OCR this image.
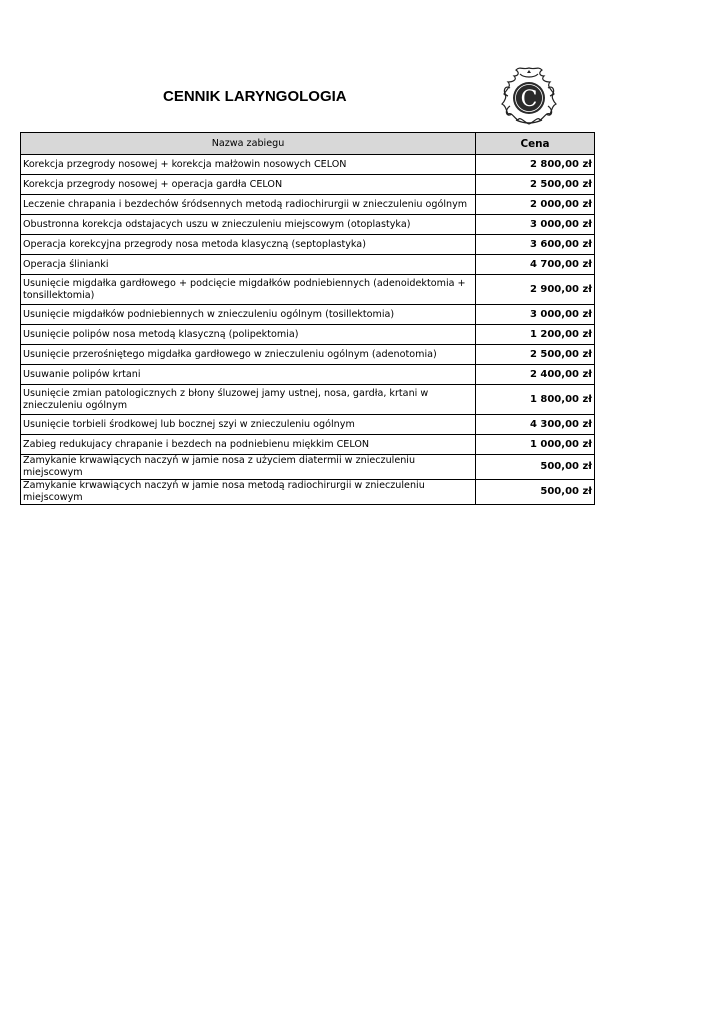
CENNIK LARYNGOLOGIA	C
Nazwa zabiegu	Cena
Korekcja przegrody nosowej + korekcja małżowin nosowych CELON	2 800,00 zł
Korekcja przegrody nosowej + operacja gardła CELON	2 500,00 zł
Leczenie chrapania i bezdechów śródsennych metodą radiochirurgii w znieczuleniu ogólnym	2 000,00 zł
Obustronna korekcja odstajacych uszu w znieczuleniu miejscowym (otoplastyka)	3 000,00 zł
Operacja korekcyjna przegrody nosa metoda klasyczną (septoplastyka)	3 600,00 zł
Operacja ślinianki	4 700,00 zł
Usunięcie migdałka gardłowego + podcięcie migdałków podniebiennych (adenoidektomia + tonsillektomia)	2 900,00 zł
Usunięcie migdałków podniebiennych w znieczuleniu ogólnym (tosillektomia)	3 000,00 zł
Usunięcie polipów nosa metodą klasyczną (polipektomia)	1 200,00 zł
Usunięcie przerośniętego migdałka gardłowego w znieczuleniu ogólnym (adenotomia)	2 500,00 zł
Usuwanie polipów krtani	2 400,00 zł
Usunięcie zmian patologicznych z błony śluzowej jamy ustnej, nosa, gardła, krtani w znieczuleniu ogólnym	1 800,00 zł
Usunięcie torbieli środkowej lub bocznej szyi w znieczuleniu ogólnym	4 300,00 zł
Zabieg redukujacy chrapanie i bezdech na podniebienu miękkim CELON	1 000,00 zł
Zamykanie krwawiących naczyń w jamie nosa z użyciem diatermii w znieczuleniu miejscowym	500,00 zł
Zamykanie krwawiących naczyń w jamie nosa metodą radiochirurgii w znieczuleniu miejscowym	500,00 zł
